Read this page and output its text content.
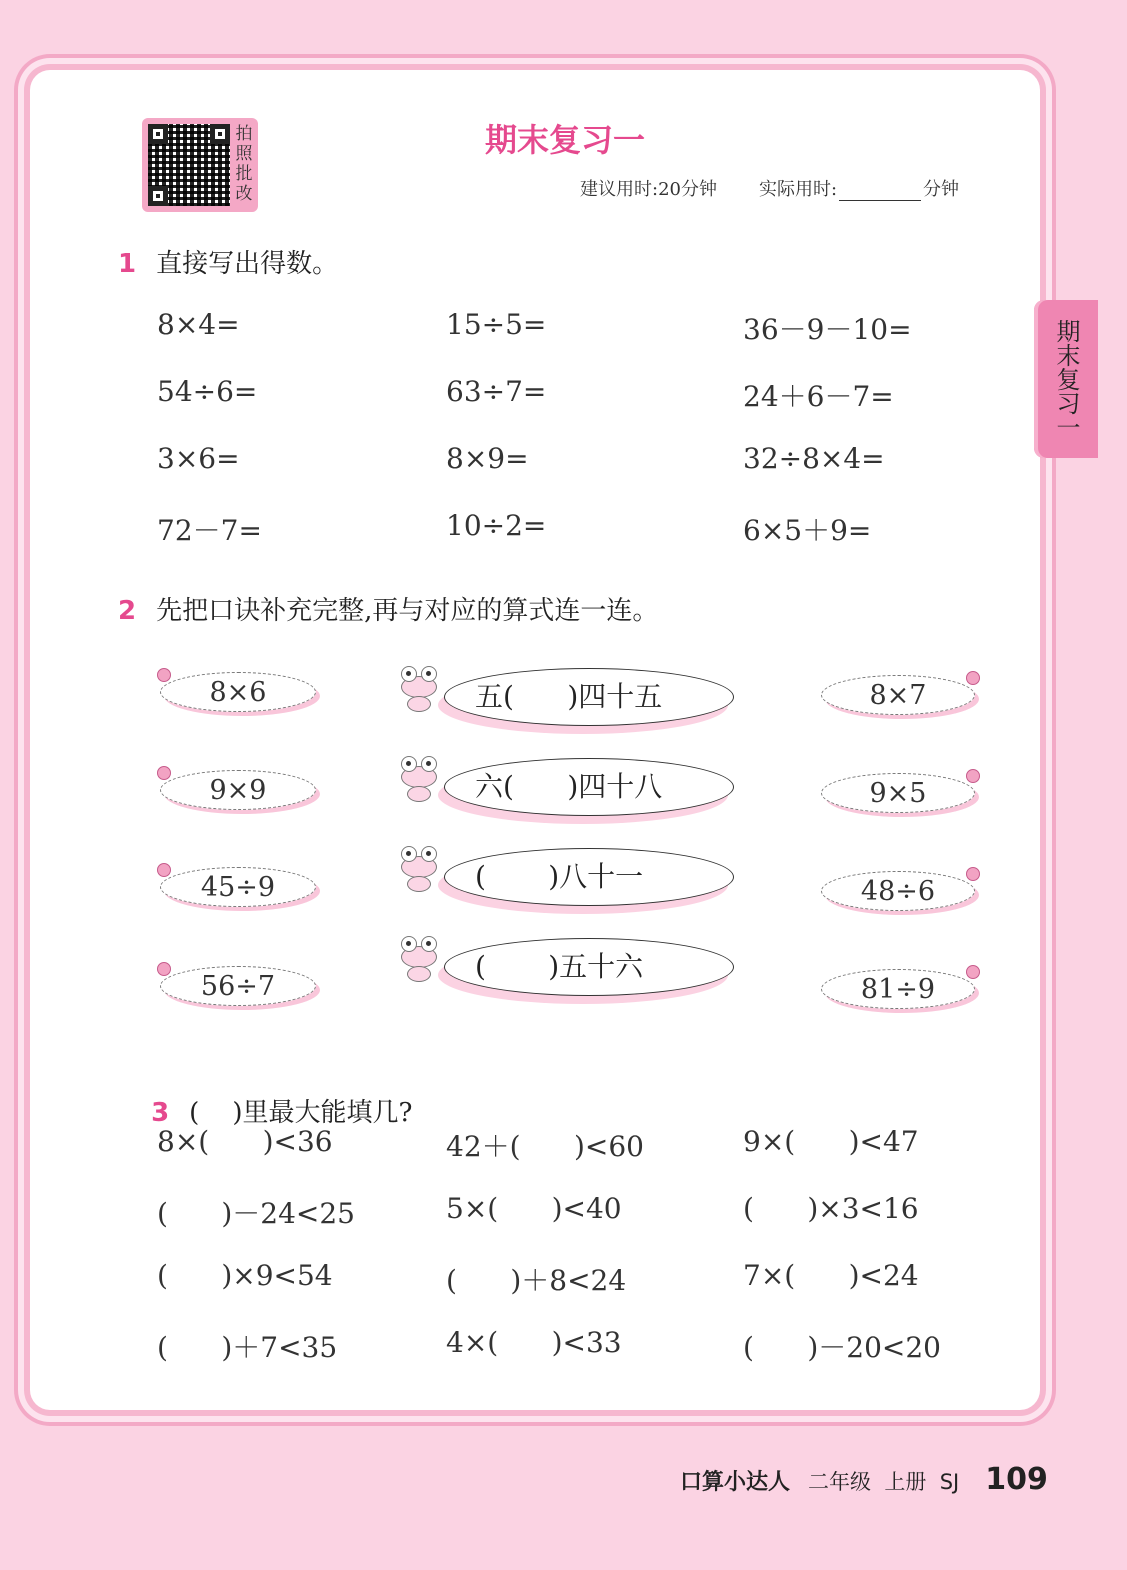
拍照批改
期末复习一
建议用时:20分钟 实际用时:	分钟
期末复习一
1 直接写出得数。
8×4=	15÷5=	36－9－10=
54÷6=	63÷7=	24＋6－7=
3×6=	8×9=	32÷8×4=
72－7=	10÷2=	6×5＋9=
2 先把口诀补充完整,再与对应的算式连一连。
8×6
9×9
45÷9
56÷7
五(      )四十五
六(      )四十八
(       )八十一
(       )五十六
8×7
9×5
48÷6
81÷9

3 (    )里最大能填几?

8×(      )<36	42＋(      )<60	9×(      )<47
(      )－24<25	5×(      )<40	(      )×3<16
(      )×9<54	(      )＋8<24	7×(      )<24
(      )＋7<35	4×(      )<33	(      )－20<20
口算小达人 二年级  上册  SJ 109
